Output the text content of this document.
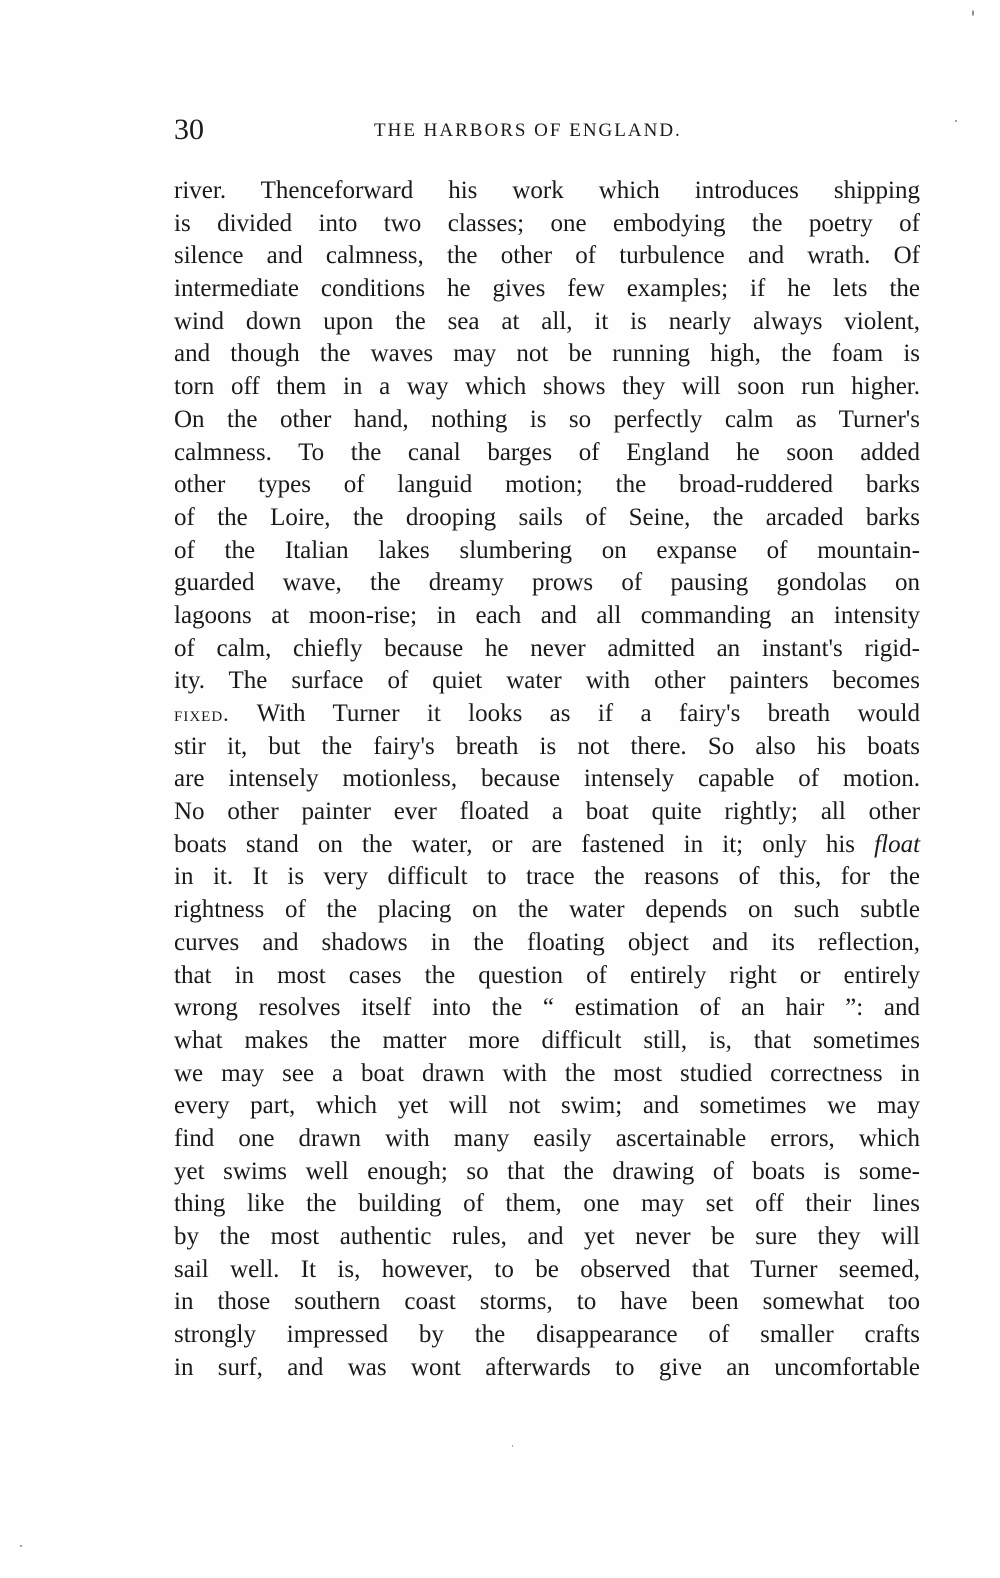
30	THE HARBORS OF ENGLAND.
river. Thenceforward his work which introduces shipping
is divided into two classes; one embodying the poetry of
silence and calmness, the other of turbulence and wrath. Of
intermediate conditions he gives few examples; if he lets the
wind down upon the sea at all, it is nearly always violent,
and though the waves may not be running high, the foam is
torn off them in a way which shows they will soon run higher.
On the other hand, nothing is so perfectly calm as Turner's
calmness. To the canal barges of England he soon added
other types of languid motion; the broad-ruddered barks
of the Loire, the drooping sails of Seine, the arcaded barks
of the Italian lakes slumbering on expanse of mountain-
guarded wave, the dreamy prows of pausing gondolas on
lagoons at moon-rise; in each and all commanding an intensity
of calm, chiefly because he never admitted an instant's rigid-
ity. The surface of quiet water with other painters becomes
fixed. With Turner it looks as if a fairy's breath would
stir it, but the fairy's breath is not there. So also his boats
are intensely motionless, because intensely capable of motion.
No other painter ever floated a boat quite rightly; all other
boats stand on the water, or are fastened in it; only his float
in it. It is very difficult to trace the reasons of this, for the
rightness of the placing on the water depends on such subtle
curves and shadows in the floating object and its reflection,
that in most cases the question of entirely right or entirely
wrong resolves itself into the “ estimation of an hair ”: and
what makes the matter more difficult still, is, that sometimes
we may see a boat drawn with the most studied correctness in
every part, which yet will not swim; and sometimes we may
find one drawn with many easily ascertainable errors, which
yet swims well enough; so that the drawing of boats is some-
thing like the building of them, one may set off their lines
by the most authentic rules, and yet never be sure they will
sail well. It is, however, to be observed that Turner seemed,
in those southern coast storms, to have been somewhat too
strongly impressed by the disappearance of smaller crafts
in surf, and was wont afterwards to give an uncomfortable
